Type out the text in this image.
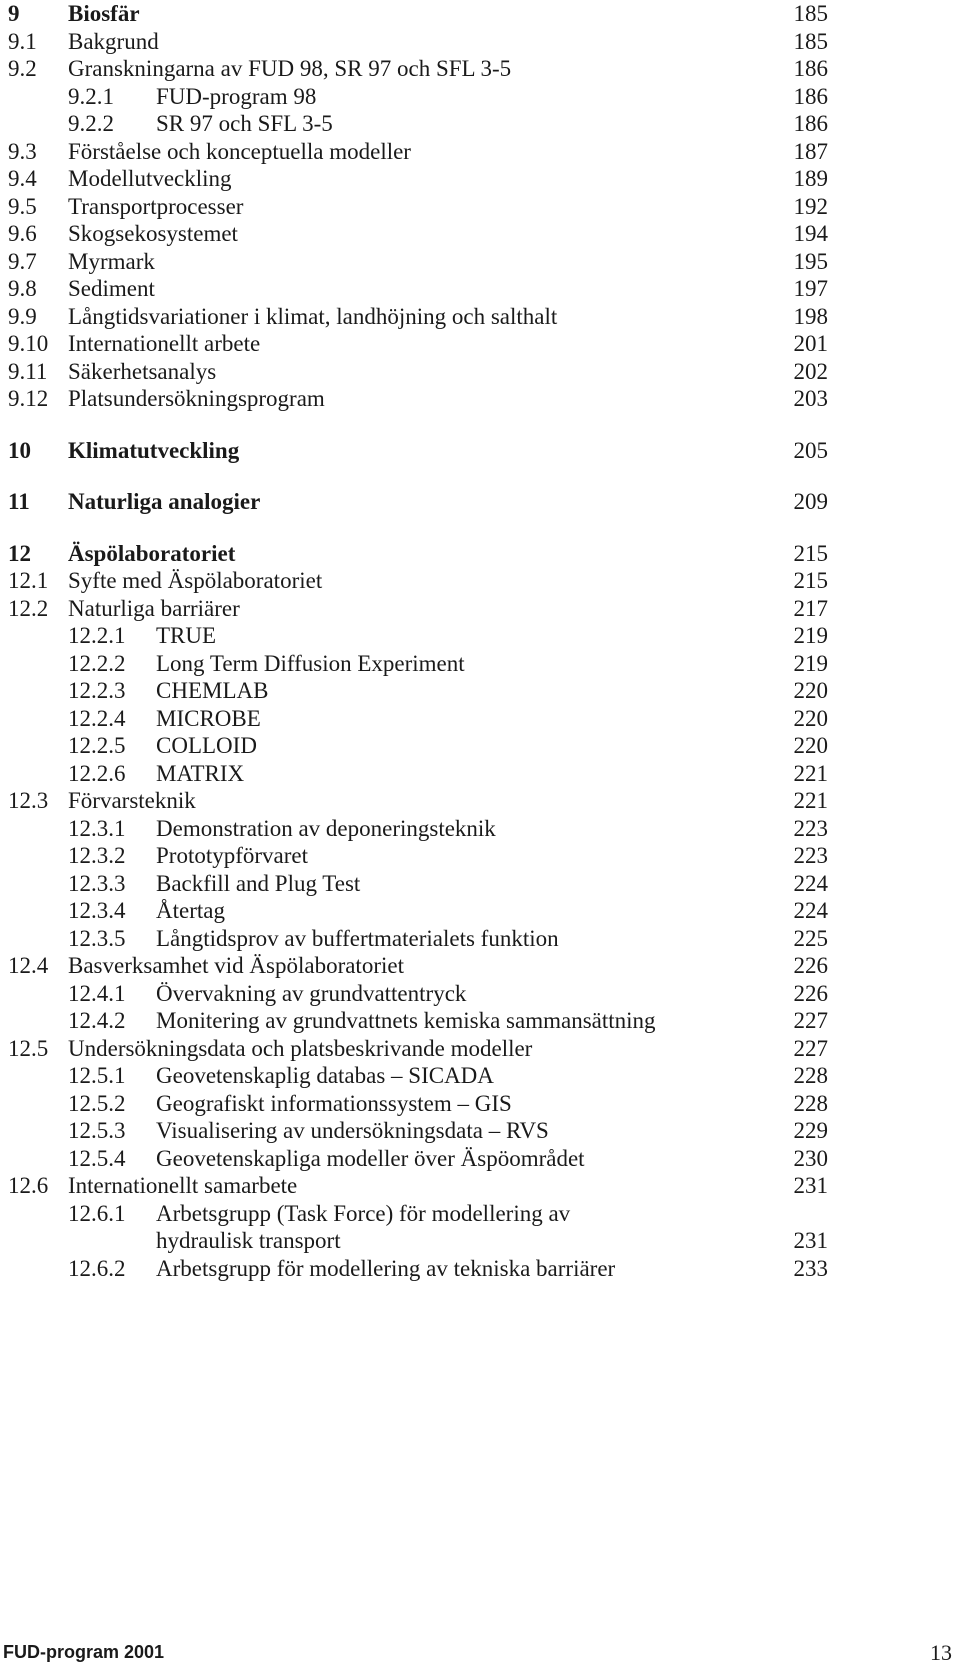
9 Biosfär	185
9.1 Bakgrund	185
9.2 Granskningarna av FUD 98, SR 97 och SFL 3-5	186
9.2.1 FUD-program 98	186
9.2.2 SR 97 och SFL 3-5	186
9.3 Förståelse och konceptuella modeller	187
9.4 Modellutveckling	189
9.5 Transportprocesser	192
9.6 Skogsekosystemet	194
9.7 Myrmark	195
9.8 Sediment	197
9.9 Långtidsvariationer i klimat, landhöjning och salthalt	198
9.10 Internationellt arbete	201
9.11 Säkerhetsanalys	202
9.12 Platsundersökningsprogram	203
10 Klimatutveckling	205
11 Naturliga analogier	209
12 Äspölaboratoriet	215
12.1 Syfte med Äspölaboratoriet	215
12.2 Naturliga barriärer	217
12.2.1 TRUE	219
12.2.2 Long Term Diffusion Experiment	219
12.2.3 CHEMLAB	220
12.2.4 MICROBE	220
12.2.5 COLLOID	220
12.2.6 MATRIX	221
12.3 Förvarsteknik	221
12.3.1 Demonstration av deponeringsteknik	223
12.3.2 Prototypförvaret	223
12.3.3 Backfill and Plug Test	224
12.3.4 Återtag	224
12.3.5 Långtidsprov av buffertmaterialets funktion	225
12.4 Basverksamhet vid Äspölaboratoriet	226
12.4.1 Övervakning av grundvattentryck	226
12.4.2 Monitering av grundvattnets kemiska sammansättning	227
12.5 Undersökningsdata och platsbeskrivande modeller	227
12.5.1 Geovetenskaplig databas – SICADA	228
12.5.2 Geografiskt informationssystem – GIS	228
12.5.3 Visualisering av undersökningsdata – RVS	229
12.5.4 Geovetenskapliga modeller över Äspöområdet	230
12.6 Internationellt samarbete	231
12.6.1 Arbetsgrupp (Task Force) för modellering av
hydraulisk transport	231
12.6.2 Arbetsgrupp för modellering av tekniska barriärer	233
FUD-program 2001	13
